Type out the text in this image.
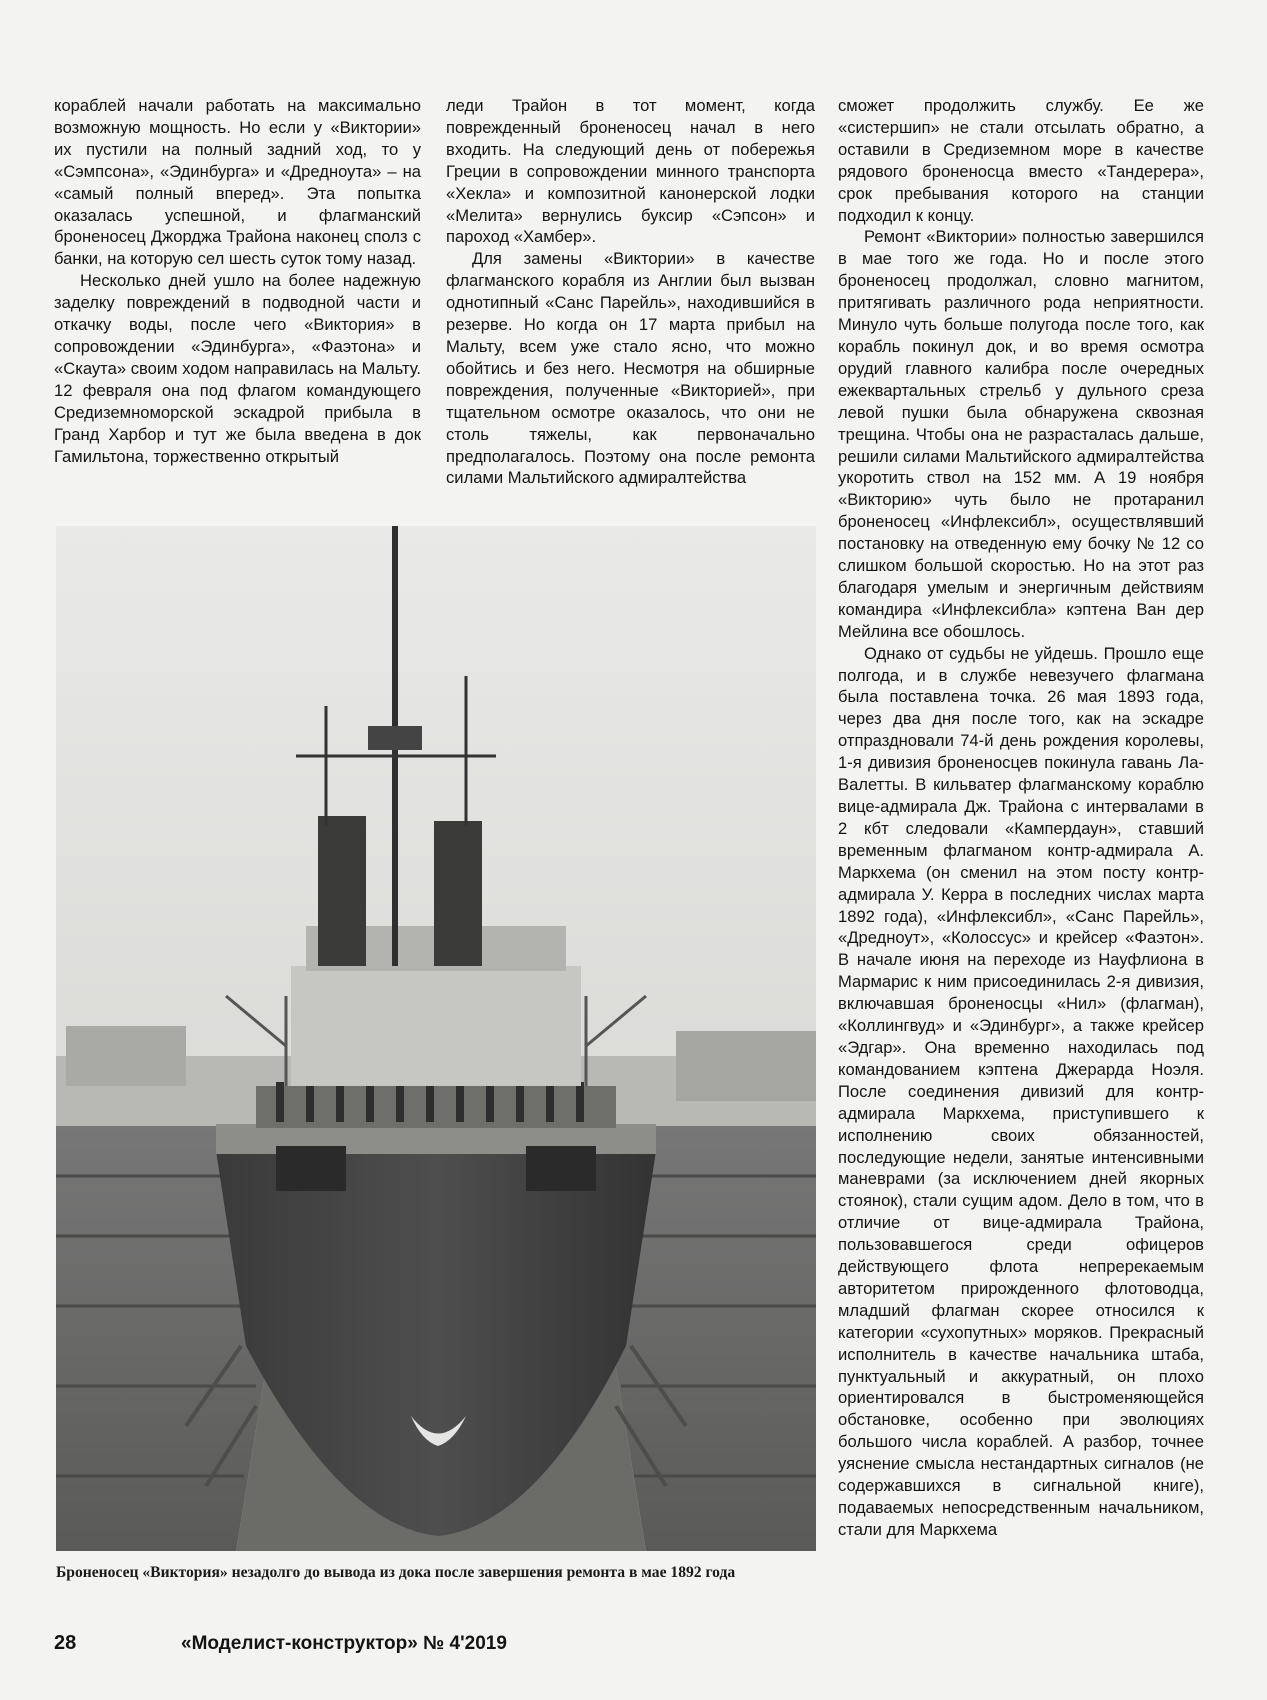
кораблей начали работать на максимально возможную мощность. Но если у «Виктории» их пустили на полный задний ход, то у «Сэмпсона», «Эдинбурга» и «Дредноута» – на «самый полный вперед». Эта попытка оказалась успешной, и флагманский броненосец Джорджа Трайона наконец сполз с банки, на которую сел шесть суток тому назад.

Несколько дней ушло на более надежную заделку повреждений в подводной части и откачку воды, после чего «Виктория» в сопровождении «Эдинбурга», «Фаэтона» и «Скаута» своим ходом направилась на Мальту. 12 февраля она под флагом командующего Средиземноморской эскадрой прибыла в Гранд Харбор и тут же была введена в док Гамильтона, торжественно открытый

леди Трайон в тот момент, когда поврежденный броненосец начал в него входить. На следующий день от побережья Греции в сопровождении минного транспорта «Хекла» и композитной канонерской лодки «Мелита» вернулись буксир «Сэпсон» и пароход «Хамбер».

Для замены «Виктории» в качестве флагманского корабля из Англии был вызван однотипный «Санс Парейль», находившийся в резерве. Но когда он 17 марта прибыл на Мальту, всем уже стало ясно, что можно обойтись и без него. Несмотря на обширные повреждения, полученные «Викторией», при тщательном осмотре оказалось, что они не столь тяжелы, как первоначально предполагалось. Поэтому она после ремонта силами Мальтийского адмиралтейства

сможет продолжить службу. Ее же «систершип» не стали отсылать обратно, а оставили в Средиземном море в качестве рядового броненосца вместо «Тандерера», срок пребывания которого на станции подходил к концу.

Ремонт «Виктории» полностью завершился в мае того же года. Но и после этого броненосец продолжал, словно магнитом, притягивать различного рода неприятности. Минуло чуть больше полугода после того, как корабль покинул док, и во время осмотра орудий главного калибра после очередных ежеквартальных стрельб у дульного среза левой пушки была обнаружена сквозная трещина. Чтобы она не разрасталась дальше, решили силами Мальтийского адмиралтейства укоротить ствол на 152 мм. А 19 ноября «Викторию» чуть было не протаранил броненосец «Инфлексибл», осуществлявший постановку на отведенную ему бочку № 12 со слишком большой скоростью. Но на этот раз благодаря умелым и энергичным действиям командира «Инфлексибла» кэптена Ван дер Мейлина все обошлось.

Однако от судьбы не уйдешь. Прошло еще полгода, и в службе невезучего флагмана была поставлена точка. 26 мая 1893 года, через два дня после того, как на эскадре отпраздновали 74-й день рождения королевы, 1-я дивизия броненосцев покинула гавань Ла-Валетты. В кильватер флагманскому кораблю вице-адмирала Дж. Трайона с интервалами в 2 кбт следовали «Кампердаун», ставший временным флагманом контр-адмирала А. Маркхема (он сменил на этом посту контр-адмирала У. Керра в последних числах марта 1892 года), «Инфлексибл», «Санс Парейль», «Дредноут», «Колоссус» и крейсер «Фаэтон». В начале июня на переходе из Науфлиона в Мармарис к ним присоединилась 2-я дивизия, включавшая броненосцы «Нил» (флагман), «Коллингвуд» и «Эдинбург», а также крейсер «Эдгар». Она временно находилась под командованием кэптена Джерарда Ноэля. После соединения дивизий для контр-адмирала Маркхема, приступившего к исполнению своих обязанностей, последующие недели, занятые интенсивными маневрами (за исключением дней якорных стоянок), стали сущим адом. Дело в том, что в отличие от вице-адмирала Трайона, пользовавшегося среди офицеров действующего флота непререкаемым авторитетом прирожденного флотоводца, младший флагман скорее относился к категории «сухопутных» моряков. Прекрасный исполнитель в качестве начальника штаба, пунктуальный и аккуратный, он плохо ориентировался в быстроменяющейся обстановке, особенно при эволюциях большого числа кораблей. А разбор, точнее уяснение смысла нестандартных сигналов (не содержавшихся в сигнальной книге), подаваемых непосредственным начальником, стали для Маркхема

Броненосец «Виктория» незадолго до вывода из дока после завершения ремонта в мае 1892 года
28	«Моделист-конструктор» № 4'2019
